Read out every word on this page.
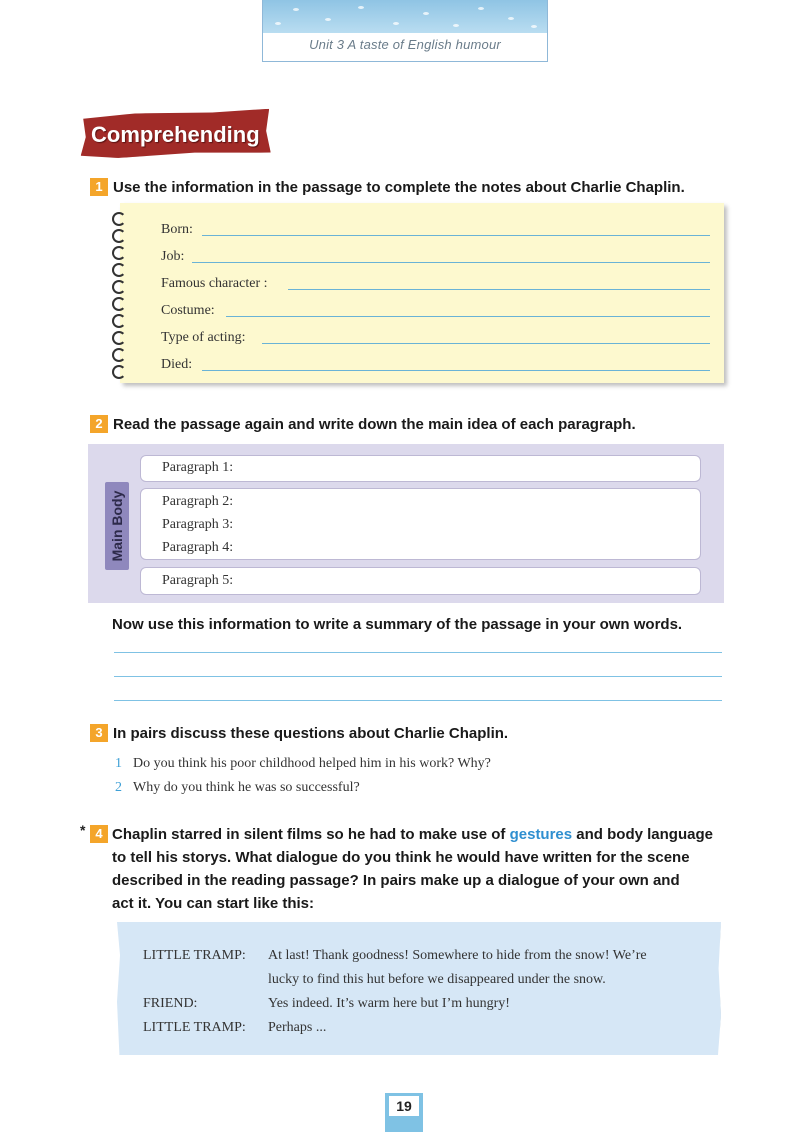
Unit 3 A taste of English humour
Comprehending
1 Use the information in the passage to complete the notes about Charlie Chaplin.
Born:
Job:
Famous character :
Costume:
Type of acting:
Died:
2 Read the passage again and write down the main idea of each paragraph.
Paragraph 1:
Paragraph 2:
Paragraph 3:
Paragraph 4:
Paragraph 5:
Main Body
Now use this information to write a summary of the passage in your own words.
3 In pairs discuss these questions about Charlie Chaplin.
1 Do you think his poor childhood helped him in his work? Why?
2 Why do you think he was so successful?
* 4 Chaplin starred in silent films so he had to make use of gestures and body language
to tell his storys. What dialogue do you think he would have written for the scene
described in the reading passage? In pairs make up a dialogue of your own and
act it. You can start like this:
LITTLE TRAMP: At last! Thank goodness! Somewhere to hide from the snow! We’re
lucky to find this hut before we disappeared under the snow.
FRIEND:	Yes indeed. It’s warm here but I’m hungry!
LITTLE TRAMP: Perhaps ...
19
